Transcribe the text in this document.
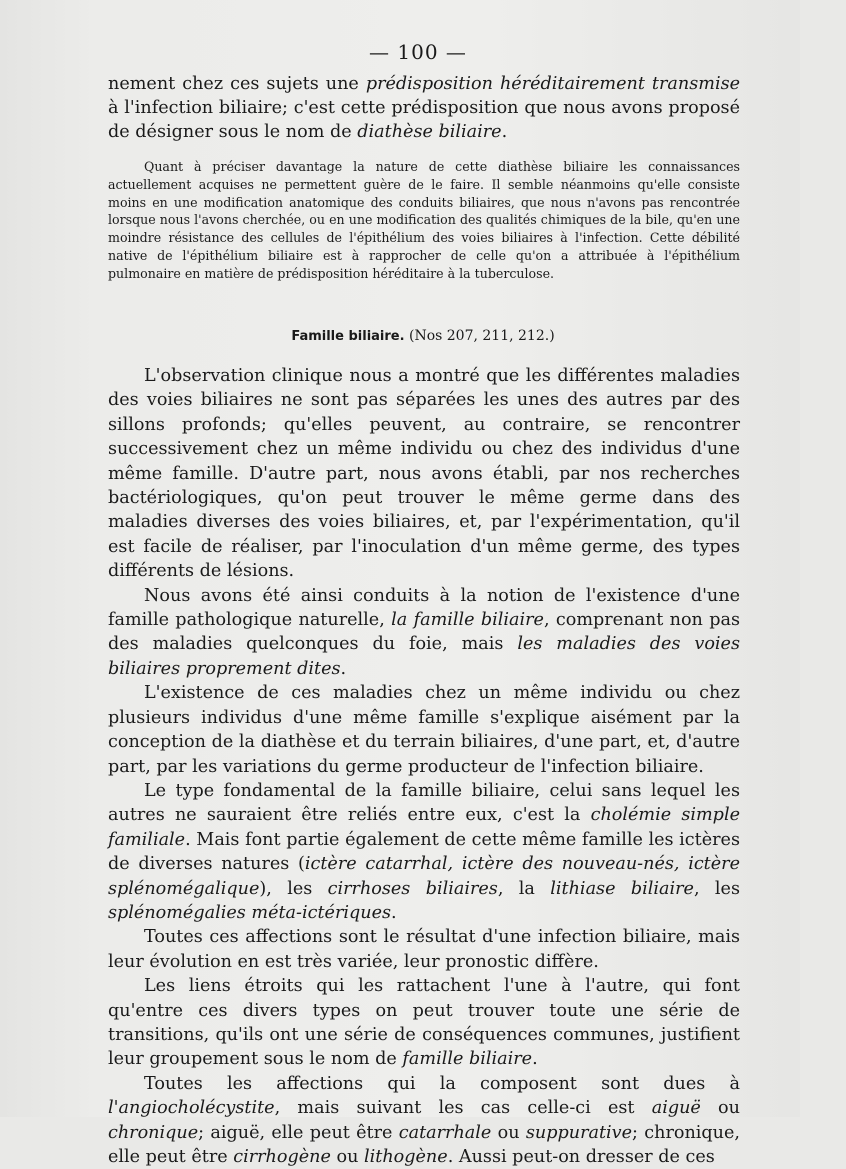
— 100 —

nement chez ces sujets une prédisposition héréditairement transmise à l'infection biliaire; c'est cette prédisposition que nous avons proposé de désigner sous le nom de diathèse biliaire.

Quant à préciser davantage la nature de cette diathèse biliaire les connaissances actuellement acquises ne permettent guère de le faire. Il semble néanmoins qu'elle consiste moins en une modification anatomique des conduits biliaires, que nous n'avons pas rencontrée lorsque nous l'avons cherchée, ou en une modification des qualités chimiques de la bile, qu'en une moindre résistance des cellules de l'épithélium des voies biliaires à l'infection. Cette débilité native de l'épithélium biliaire est à rapprocher de celle qu'on a attribuée à l'épithélium pulmonaire en matière de prédisposition héréditaire à la tuberculose.

Famille biliaire. (Nos 207, 211, 212.)

L'observation clinique nous a montré que les différentes maladies des voies biliaires ne sont pas séparées les unes des autres par des sillons profonds; qu'elles peuvent, au contraire, se rencontrer successivement chez un même individu ou chez des individus d'une même famille. D'autre part, nous avons établi, par nos recherches bactériologiques, qu'on peut trouver le même germe dans des maladies diverses des voies biliaires, et, par l'expérimentation, qu'il est facile de réaliser, par l'inoculation d'un même germe, des types différents de lésions.

Nous avons été ainsi conduits à la notion de l'existence d'une famille pathologique naturelle, la famille biliaire, comprenant non pas des maladies quelconques du foie, mais les maladies des voies biliaires proprement dites.

L'existence de ces maladies chez un même individu ou chez plusieurs individus d'une même famille s'explique aisément par la conception de la diathèse et du terrain biliaires, d'une part, et, d'autre part, par les variations du germe producteur de l'infection biliaire.

Le type fondamental de la famille biliaire, celui sans lequel les autres ne sauraient être reliés entre eux, c'est la cholémie simple familiale. Mais font partie également de cette même famille les ictères de diverses natures (ictère catarrhal, ictère des nouveau-nés, ictère splénomégalique), les cirrhoses biliaires, la lithiase biliaire, les splénomégalies méta-ictériques.

Toutes ces affections sont le résultat d'une infection biliaire, mais leur évolution en est très variée, leur pronostic diffère.

Les liens étroits qui les rattachent l'une à l'autre, qui font qu'entre ces divers types on peut trouver toute une série de transitions, qu'ils ont une série de conséquences communes, justifient leur groupement sous le nom de famille biliaire.

Toutes les affections qui la composent sont dues à l'angiocholécystite, mais suivant les cas celle-ci est aiguë ou chronique; aiguë, elle peut être catarrhale ou suppurative; chronique, elle peut être cirrhogène ou lithogène. Aussi peut-on dresser de ces
